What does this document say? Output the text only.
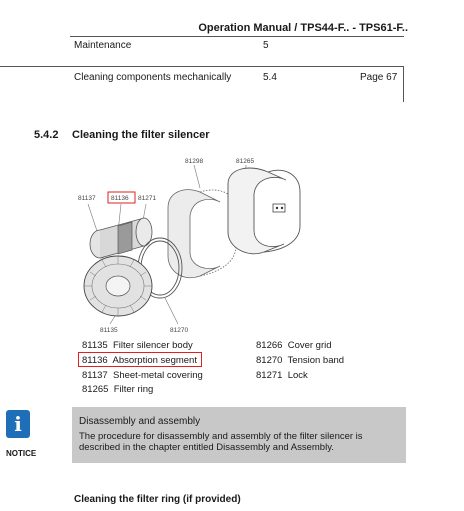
Operation Manual / TPS44-F.. - TPS61-F..
Maintenance	5
Cleaning components mechanically	5.4	Page 67
5.4.2 Cleaning the filter silencer
81298	81265
81137 81136 81271
81135	81270
81135 Filter silencer body
81136 Absorption segment
81137 Sheet-metal covering
81265 Filter ring
81266 Cover grid
81270 Tension band
81271 Lock
i
NOTICE
Disassembly and assembly
The procedure for disassembly and assembly of the filter silencer is described in the chapter entitled Disassembly and Assembly.
Cleaning the filter ring (if provided)
